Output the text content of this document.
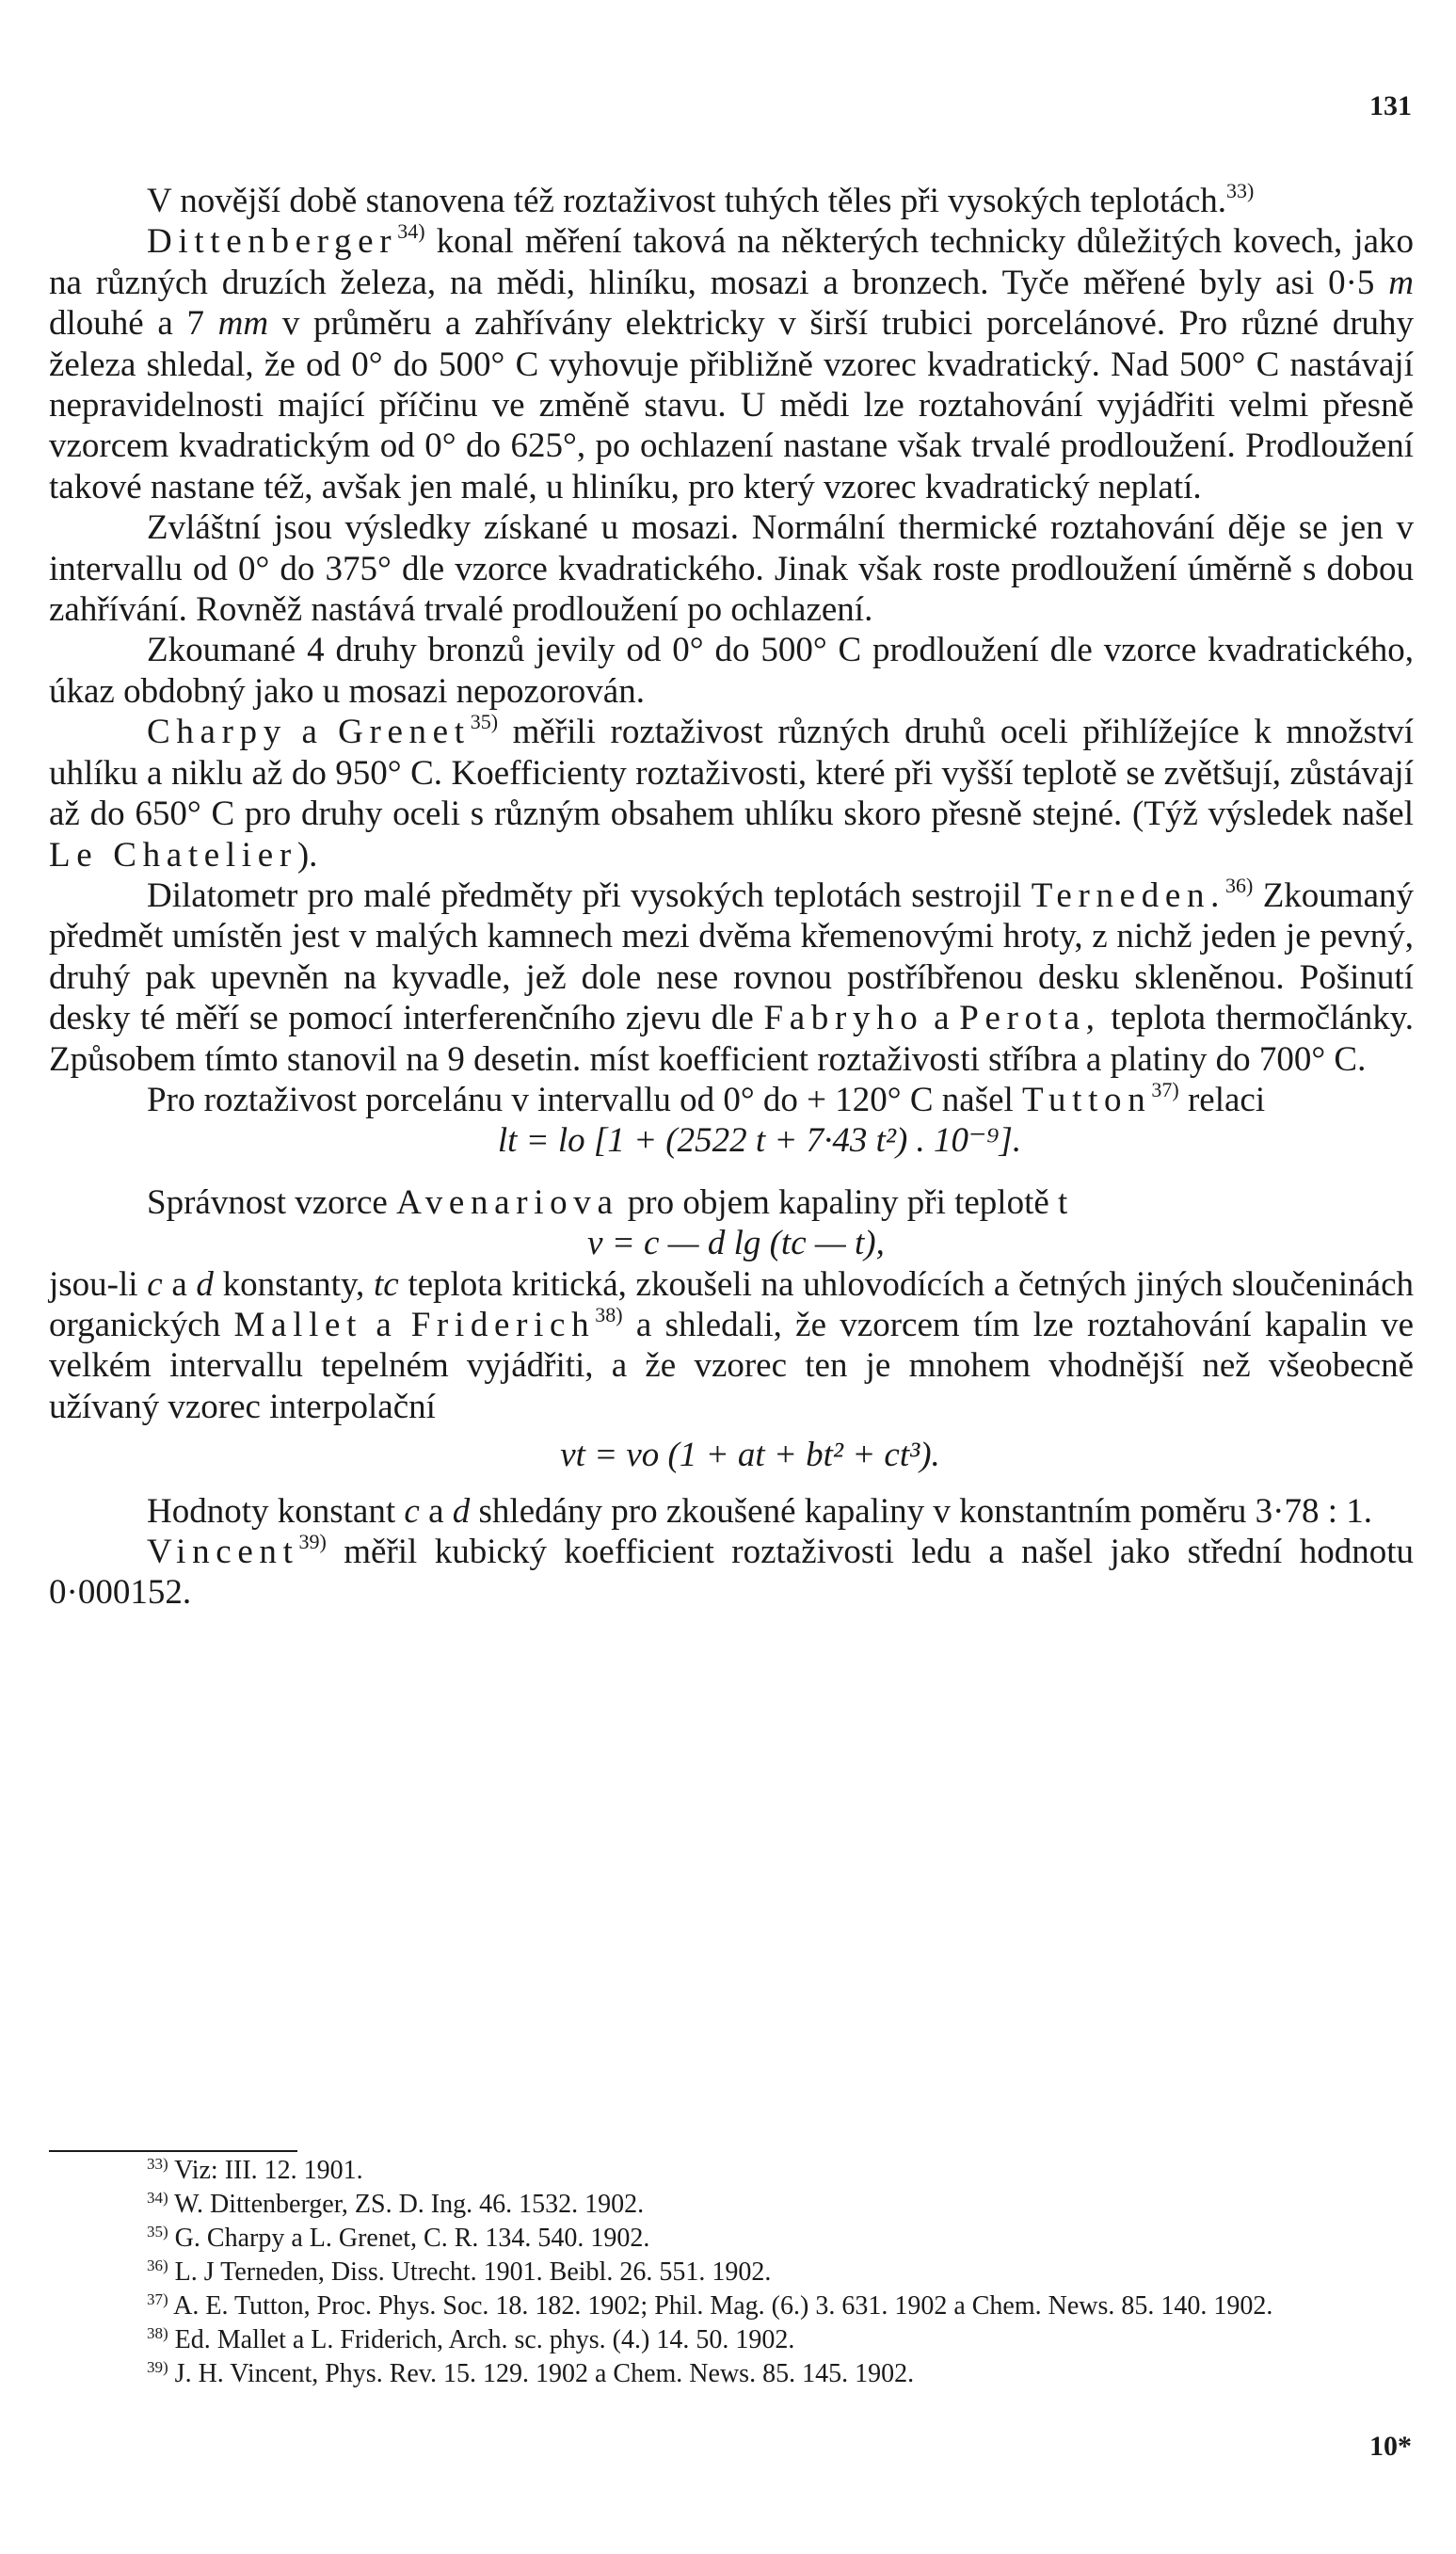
131

V novější době stanovena též roztaživost tuhých těles při vysokých teplotách.$^{33)}$

Dittenberger$^{34)}$ konal měření taková na některých technicky důležitých kovech, jako na různých druzích železa, na mědi, hliníku, mosazi a bronzech. Tyče měřené byly asi 0·5 m dlouhé a 7 mm v průměru a zahřívány elektricky v širší trubici porcelánové. Pro různé druhy železa shledal, že od 0° do 500° C vyhovuje přibližně vzorec kvadratický. Nad 500° C nastávají nepravidelnosti mající příčinu ve změně stavu. U mědi lze roztahování vyjádřiti velmi přesně vzorcem kvadratickým od 0° do 625°, po ochlazení nastane však trvalé prodloužení. Prodloužení takové nastane též, avšak jen malé, u hliníku, pro který vzorec kvadratický neplatí.

Zvláštní jsou výsledky získané u mosazi. Normální thermické roztahování děje se jen v intervallu od 0° do 375° dle vzorce kvadratického. Jinak však roste prodloužení úměrně s dobou zahřívání. Rovněž nastává trvalé prodloužení po ochlazení.

Zkoumané 4 druhy bronzů jevily od 0° do 500° C prodloužení dle vzorce kvadratického, úkaz obdobný jako u mosazi nepozorován.

Charpy a Grenet$^{35)}$ měřili roztaživost různých druhů oceli přihlížejíce k množství uhlíku a niklu až do 950° C. Koefficienty roztaživosti, které při vyšší teplotě se zvětšují, zůstávají až do 650° C pro druhy oceli s různým obsahem uhlíku skoro přesně stejné. (Týž výsledek našel Le Chatelier).

Dilatometr pro malé předměty při vysokých teplotách sestrojil Terneden.$^{36)}$ Zkoumaný předmět umístěn jest v malých kamnech mezi dvěma křemenovými hroty, z nichž jeden je pevný, druhý pak upevněn na kyvadle, jež dole nese rovnou postříbřenou desku skleněnou. Pošinutí desky té měří se pomocí interferenčního zjevu dle Fabryho a Perota, teplota thermočlánky. Způsobem tímto stanovil na 9 desetin. míst koefficient roztaživosti stříbra a platiny do 700° C.

Pro roztaživost porcelánu v intervallu od 0° do + 120° C našel Tutton$^{37)}$ relaci

lt = lo [1 + (2522 t + 7·43 t²) . 10⁻⁹].

Správnost vzorce Avenariova pro objem kapaliny při teplotě t

v = c — d lg (tc — t),

jsou-li c a d konstanty, tc teplota kritická, zkoušeli na uhlovodících a četných jiných sloučeninách organických Mallet a Friderich$^{38)}$ a shledali, že vzorcem tím lze roztahování kapalin ve velkém intervallu tepelném vyjádřiti, a že vzorec ten je mnohem vhodnější než všeobecně užívaný vzorec interpolační

vt = vo (1 + at + bt² + ct³).

Hodnoty konstant c a d shledány pro zkoušené kapaliny v konstantním poměru 3·78 : 1.

Vincent$^{39)}$ měřil kubický koefficient roztaživosti ledu a našel jako střední hodnotu 0·000152.

$^{33)}$ Viz: III. 12. 1901.
$^{34)}$ W. Dittenberger, ZS. D. Ing. 46. 1532. 1902.
$^{35)}$ G. Charpy a L. Grenet, C. R. 134. 540. 1902.
$^{36)}$ L. J Terneden, Diss. Utrecht. 1901. Beibl. 26. 551. 1902.
$^{37)}$ A. E. Tutton, Proc. Phys. Soc. 18. 182. 1902; Phil. Mag. (6.) 3. 631. 1902 a Chem. News. 85. 140. 1902.
$^{38)}$ Ed. Mallet a L. Friderich, Arch. sc. phys. (4.) 14. 50. 1902.
$^{39)}$ J. H. Vincent, Phys. Rev. 15. 129. 1902 a Chem. News. 85. 145. 1902.
10*
